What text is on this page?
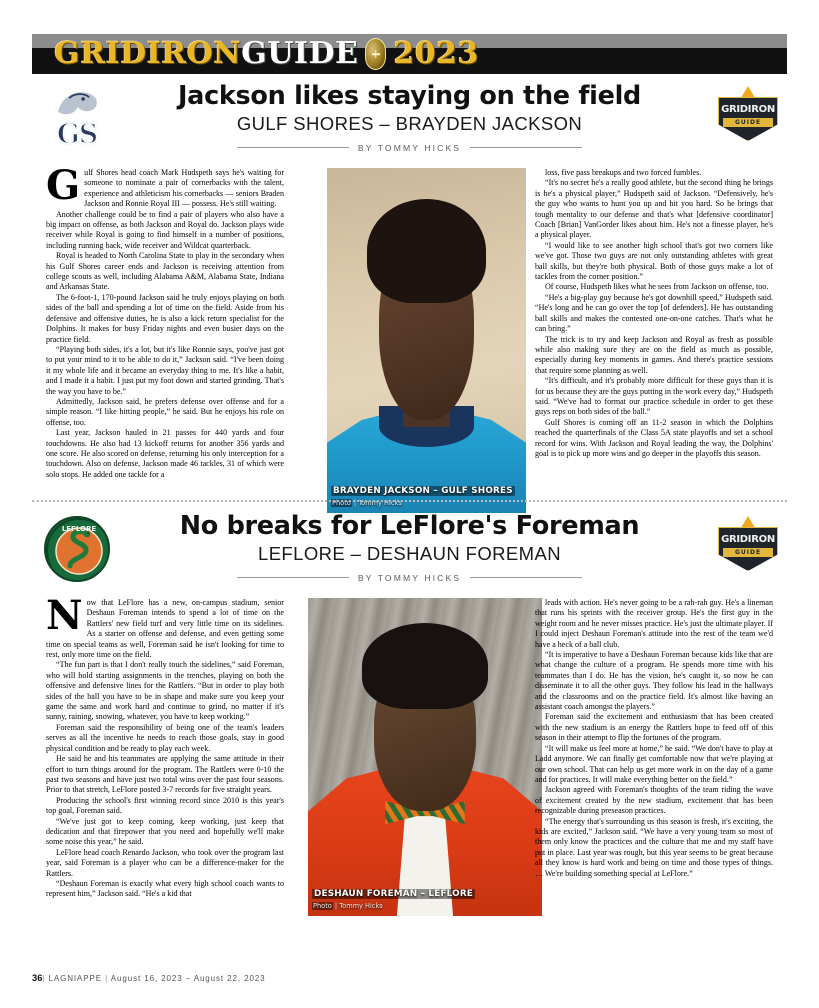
GRIDIRON GUIDE 2023
GS
Jackson likes staying on the field
GULF SHORES – BRAYDEN JACKSON
BY TOMMY HICKS
GRIDIRON
GUIDE

Gulf Shores head coach Mark Hudspeth says he's waiting for someone to nominate a pair of cornerbacks with the talent, experience and athleticism his cornerbacks — seniors Braden Jackson and Ronnie Royal III — possess. He's still waiting.

Another challenge could be to find a pair of players who also have a big impact on offense, as both Jackson and Royal do. Jackson plays wide receiver while Royal is going to find himself in a number of positions, including running back, wide receiver and Wildcat quarterback.

Royal is headed to North Carolina State to play in the secondary when his Gulf Shores career ends and Jackson is receiving attention from college scouts as well, including Alabama A&M, Alabama State, Indiana and Arkansas State.

The 6-foot-1, 170-pound Jackson said he truly enjoys playing on both sides of the ball and spending a lot of time on the field. Aside from his defensive and offensive duties, he is also a kick return specialist for the Dolphins. It makes for busy Friday nights and even busier days on the practice field.

“Playing both sides, it's a lot, but it's like Ronnie says, you've just got to put your mind to it to be able to do it,” Jackson said. “I've been doing it my whole life and it became an everyday thing to me. It's like a habit, and I made it a habit. I just put my foot down and started grinding. That's the way you have to be.”

Admittedly, Jackson said, he prefers defense over offense and for a simple reason. “I like hitting people,” he said. But he enjoys his role on offense, too.

Last year, Jackson hauled in 21 passes for 440 yards and four touchdowns. He also had 13 kickoff returns for another 356 yards and one score. He also scored on defense, returning his only interception for a touchdown. Also on defense, Jackson made 46 tackles, 31 of which were solo stops. He added one tackle for a

BRAYDEN JACKSON – GULF SHORES
Photo | Tommy Hicks

loss, five pass breakups and two forced fumbles.

“It's no secret he's a really good athlete, but the second thing he brings is he's a physical player,” Hudspeth said of Jackson. “Defensively, he's the guy who wants to hunt you up and hit you hard. So he brings that tough mentality to our defense and that's what [defensive coordinator] Coach [Brian] VanGorder likes about him. He's not a finesse player, he's a physical player.

“I would like to see another high school that's got two corners like we've got. Those two guys are not only outstanding athletes with great ball skills, but they're both physical. Both of those guys make a lot of tackles from the corner position.”

Of course, Hudspeth likes what he sees from Jackson on offense, too.

“He's a big-play guy because he's got downhill speed,” Hudspeth said. “He's long and he can go over the top [of defenders]. He has outstanding ball skills and makes the contested one-on-one catches. That's what he can bring.”

The trick is to try and keep Jackson and Royal as fresh as possible while also making sure they are on the field as much as possible, especially during key moments in games. And there's practice sessions that require some planning as well.

“It's difficult, and it's probably more difficult for these guys than it is for us because they are the guys putting in the work every day,” Hudspeth said. “We've had to format our practice schedule in order to get these guys reps on both sides of the ball.”

Gulf Shores is coming off an 11-2 season in which the Dolphins reached the quarterfinals of the Class 5A state playoffs and set a school record for wins. With Jackson and Royal leading the way, the Dolphins' goal is to pick up more wins and go deeper in the playoffs this season.

LEFLORE	No breaks for LeFlore's Foreman
LEFLORE – DESHAUN FOREMAN
BY TOMMY HICKS
GRIDIRON
GUIDE

Now that LeFlore has a new, on-campus stadium, senior Deshaun Foreman intends to spend a lot of time on the Rattlers' new field turf and very little time on its sidelines. As a starter on offense and defense, and even getting some time on special teams as well, Foreman said he isn't looking for time to rest, only more time on the field.

“The fun part is that I don't really touch the sidelines,” said Foreman, who will hold starting assignments in the trenches, playing on both the offensive and defensive lines for the Rattlers. “But in order to play both sides of the ball you have to be in shape and make sure you keep your game the same and work hard and continue to grind, no matter if it's sunny, raining, snowing, whatever, you have to keep working.”

Foreman said the responsibility of being one of the team's leaders serves as all the incentive he needs to reach those goals, stay in good physical condition and be ready to play each week.

He said he and his teammates are applying the same attitude in their effort to turn things around for the program. The Rattlers were 0-10 the past two seasons and have just two total wins over the past four seasons. Prior to that stretch, LeFlore posted 3-7 records for five straight years.

Producing the school's first winning record since 2010 is this year's top goal, Foreman said.

“We've just got to keep coming, keep working, just keep that dedication and that firepower that you need and hopefully we'll make some noise this year,” he said.

LeFlore head coach Renardo Jackson, who took over the program last year, said Foreman is a player who can be a difference-maker for the Rattlers.

“Deshaun Foreman is exactly what every high school coach wants to represent him,” Jackson said. “He's a kid that	DESHAUN FOREMAN – LEFLORE
Photo | Tommy Hicks

leads with action. He's never going to be a rah-rah guy. He's a lineman that runs his sprints with the receiver group. He's the first guy in the weight room and he never misses practice. He's just the ultimate player. If I could inject Deshaun Foreman's attitude into the rest of the team we'd have a heck of a ball club.

“It is imperative to have a Deshaun Foreman because kids like that are what change the culture of a program. He spends more time with his teammates than I do. He has the vision, he's caught it, so now he can disseminate it to all the other guys. They follow his lead in the hallways and the classrooms and on the practice field. It's almost like having an assistant coach amongst the players.”

Foreman said the excitement and enthusiasm that has been created with the new stadium is an energy the Rattlers hope to feed off of this season in their attempt to flip the fortunes of the program.

“It will make us feel more at home,” he said. “We don't have to play at Ladd anymore. We can finally get comfortable now that we're playing at our own school. That can help us get more work in on the day of a game and for practices. It will make everything better on the field.”

Jackson agreed with Foreman's thoughts of the team riding the wave of excitement created by the new stadium, excitement that has been recognizable during preseason practices.

“The energy that's surrounding us this season is fresh, it's exciting, the kids are excited,” Jackson said. “We have a very young team so most of them only know the practices and the culture that me and my staff have put in place. Last year was rough, but this year seems to be great because all they know is hard work and being on time and those types of things. … We're building something special at LeFlore.”

36| LAGNIAPPE | August 16, 2023 – August 22, 2023
